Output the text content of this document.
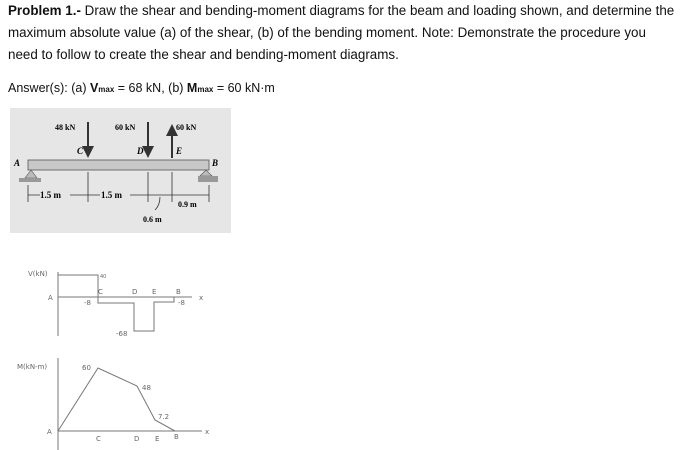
Problem 1.- Draw the shear and bending-moment diagrams for the beam and loading shown, and determine the
maximum absolute value (a) of the shear, (b) of the bending moment. Note: Demonstrate the procedure you
need to follow to create the shear and bending-moment diagrams.
Answer(s): (a) Vmax = 68 kN, (b) Mmax = 60 kN·m
48 kN	60 kN	60 kN
A
C	D	E
B
1.5 m	1.5 m
0.6 m
0.9 m
V(kN)
A	x
C	D E	B
40
-8
-68
-8
M(kN-m)
A	x
C	D E B
60
48
7.2
